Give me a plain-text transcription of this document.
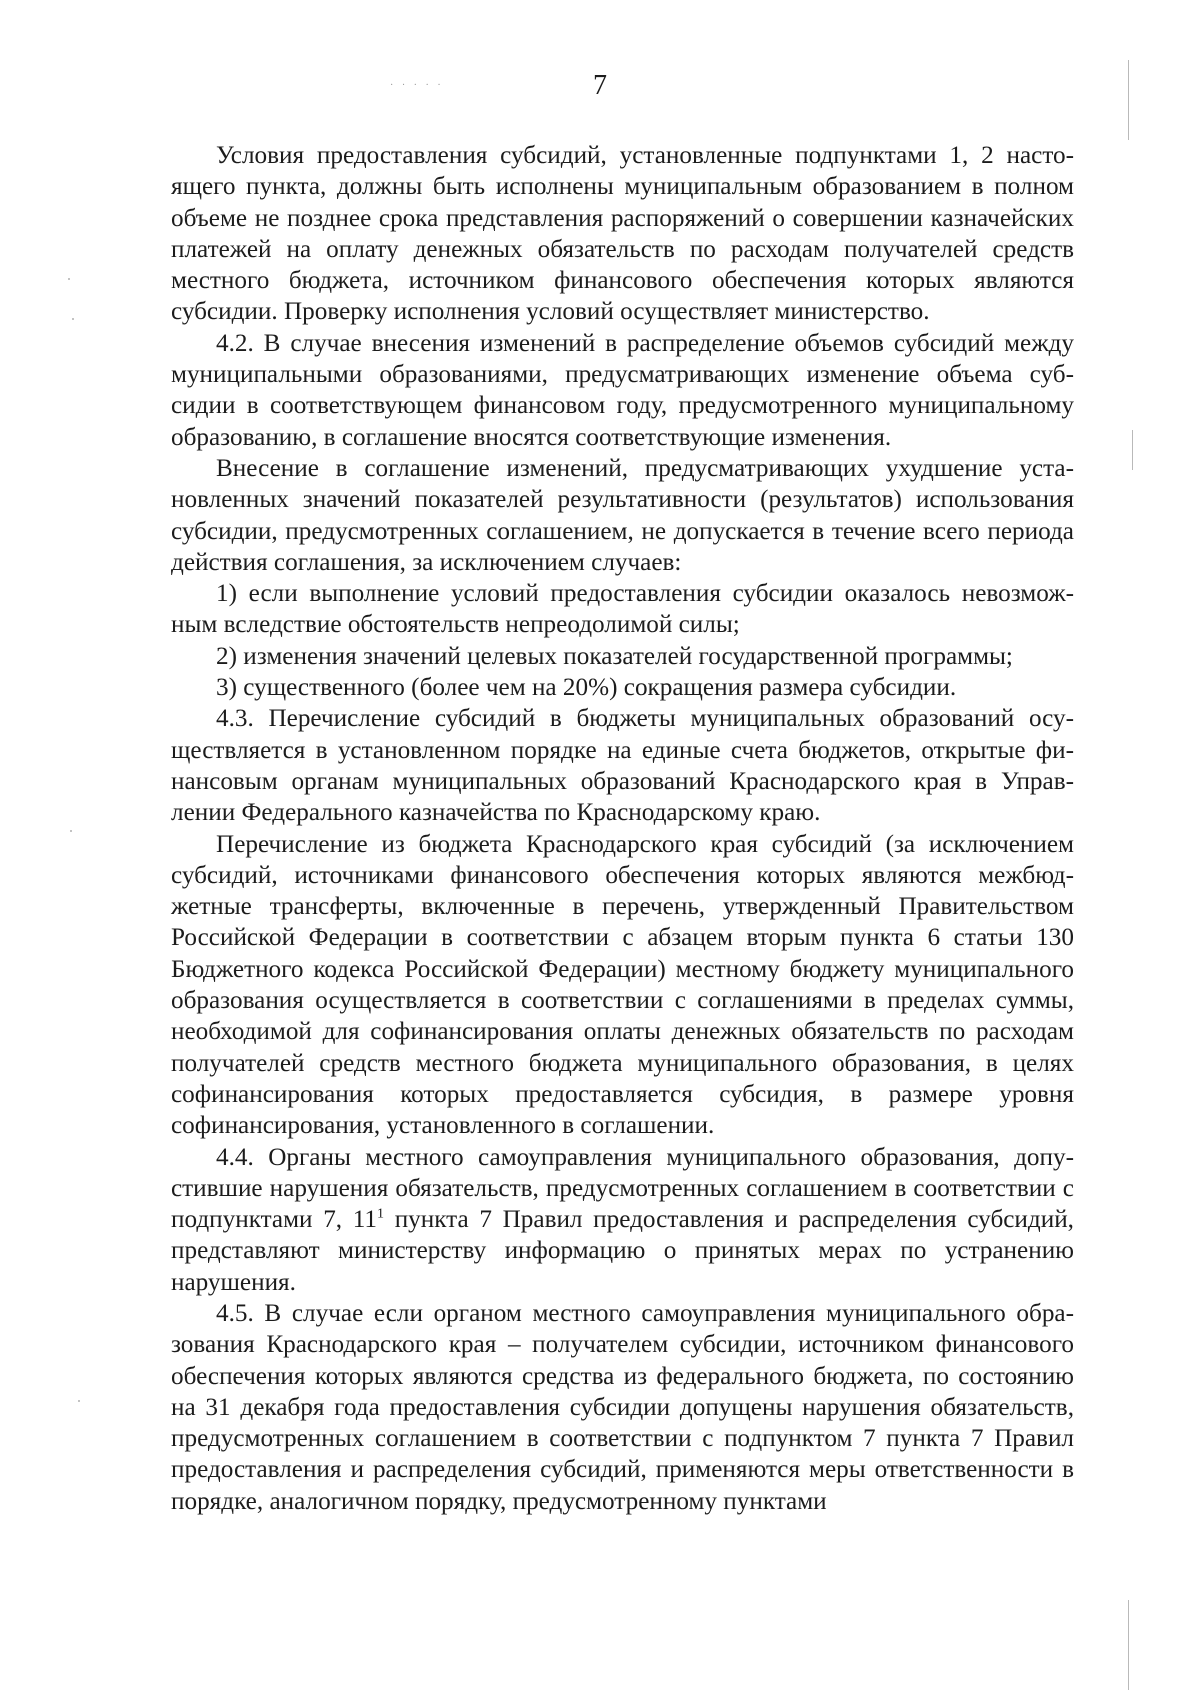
· · · · ·	7

Условия предоставления субсидий, установленные подпунктами 1, 2 настоящего пункта, должны быть исполнены муниципальным образованием в полном объеме не позднее срока представления распоряжений о совершении казначейских платежей на оплату денежных обязательств по расходам получателей средств местного бюджета, источником финансового обеспечения которых являются субсидии. Проверку исполнения условий осуществляет министерство.

4.2. В случае внесения изменений в распределение объемов субсидий между муниципальными образованиями, предусматривающих изменение объема субсидии в соответствующем финансовом году, предусмотренного муниципальному образованию, в соглашение вносятся соответствующие изменения.

Внесение в соглашение изменений, предусматривающих ухудшение установленных значений показателей результативности (результатов) использования субсидии, предусмотренных соглашением, не допускается в течение всего периода действия соглашения, за исключением случаев:

1) если выполнение условий предоставления субсидии оказалось невозможным вследствие обстоятельств непреодолимой силы;

2) изменения значений целевых показателей государственной программы;

3) существенного (более чем на 20%) сокращения размера субсидии.

4.3. Перечисление субсидий в бюджеты муниципальных образований осуществляется в установленном порядке на единые счета бюджетов, открытые финансовым органам муниципальных образований Краснодарского края в Управлении Федерального казначейства по Краснодарскому краю.

Перечисление из бюджета Краснодарского края субсидий (за исключением субсидий, источниками финансового обеспечения которых являются межбюджетные трансферты, включенные в перечень, утвержденный Правительством Российской Федерации в соответствии с абзацем вторым пункта 6 статьи 130 Бюджетного кодекса Российской Федерации) местному бюджету муниципального образования осуществляется в соответствии с соглашениями в пределах суммы, необходимой для софинансирования оплаты денежных обязательств по расходам получателей средств местного бюджета муниципального образования, в целях софинансирования которых предоставляется субсидия, в размере уровня софинансирования, установленного в соглашении.

4.4. Органы местного самоуправления муниципального образования, допустившие нарушения обязательств, предусмотренных соглашением в соответствии с подпунктами 7, $11^1$ пункта 7 Правил предоставления и распределения субсидий, представляют министерству информацию о принятых мерах по устранению нарушения.

4.5. В случае если органом местного самоуправления муниципального образования Краснодарского края – получателем субсидии, источником финансового обеспечения которых являются средства из федерального бюджета, по состоянию на 31 декабря года предоставления субсидии допущены нарушения обязательств, предусмотренных соглашением в соответствии с подпунктом 7 пункта 7 Правил предоставления и распределения субсидий, применяются меры ответственности в порядке, аналогичном порядку, предусмотренному пунктами
